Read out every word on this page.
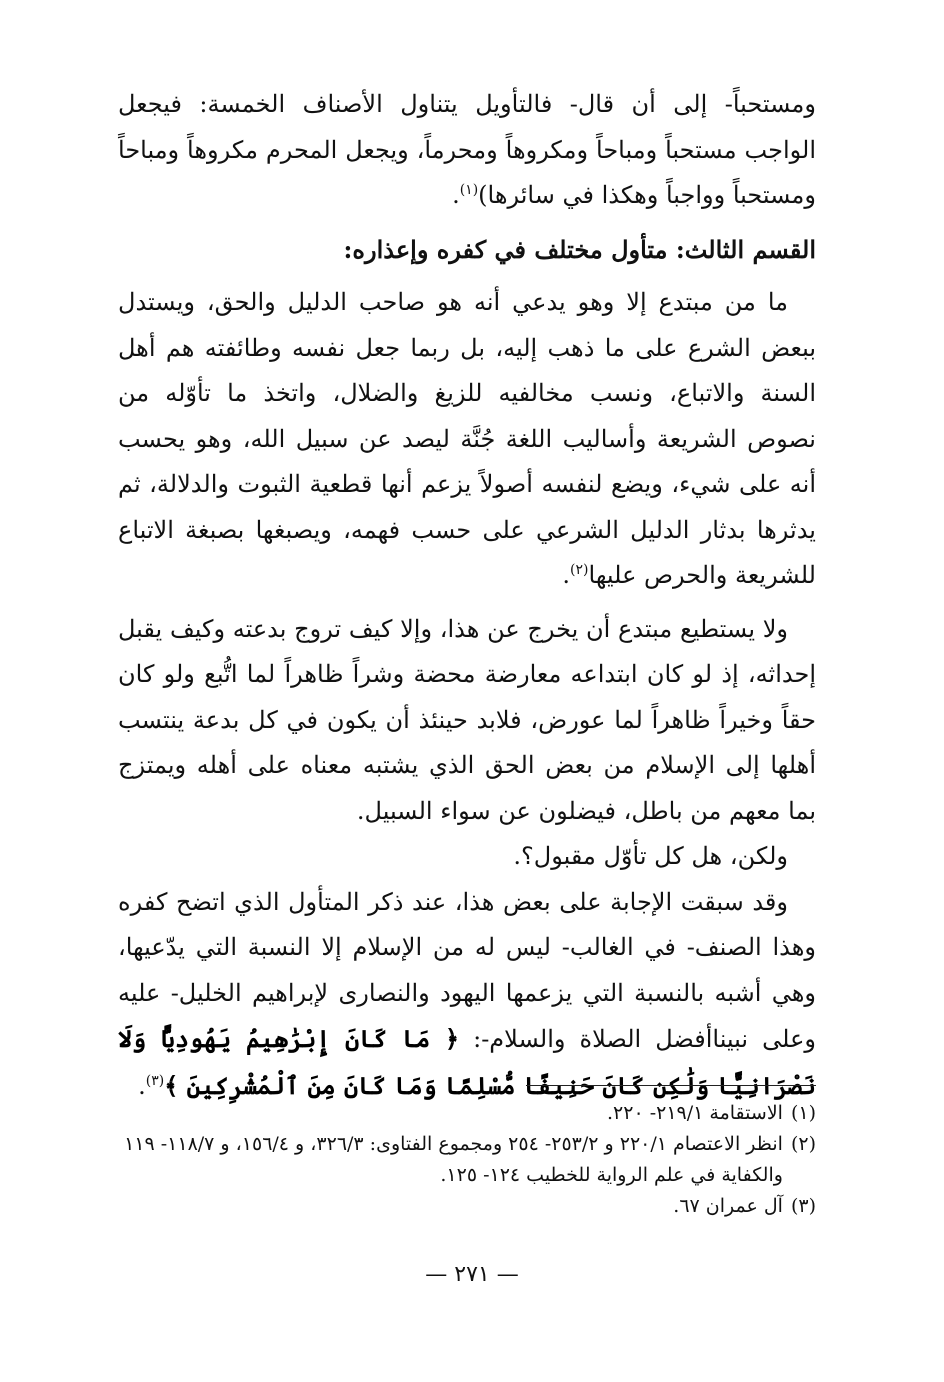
ومستحباً- إلى أن قال- فالتأويل يتناول الأصناف الخمسة: فيجعل الواجب مستحباً ومباحاً ومكروهاً ومحرماً، ويجعل المحرم مكروهاً ومباحاً ومستحباً وواجباً وهكذا في سائرها)$^{(١)}$.

القسم الثالث: متأول مختلف في كفره وإعذاره:

ما من مبتدع إلا وهو يدعي أنه هو صاحب الدليل والحق، ويستدل ببعض الشرع على ما ذهب إليه، بل ربما جعل نفسه وطائفته هم أهل السنة والاتباع، ونسب مخالفيه للزيغ والضلال، واتخذ ما تأوّله من نصوص الشريعة وأساليب اللغة جُنَّة ليصد عن سبيل الله، وهو يحسب أنه على شيء، ويضع لنفسه أصولاً يزعم أنها قطعية الثبوت والدلالة، ثم يدثرها بدثار الدليل الشرعي على حسب فهمه، ويصبغها بصبغة الاتباع للشريعة والحرص عليها$^{(٢)}$.

ولا يستطيع مبتدع أن يخرج عن هذا، وإلا كيف تروج بدعته وكيف يقبل إحداثه، إذ لو كان ابتداعه معارضة محضة وشراً ظاهراً لما اتُّبع ولو كان حقاً وخيراً ظاهراً لما عورض، فلابد حينئذ أن يكون في كل بدعة ينتسب أهلها إلى الإسلام من بعض الحق الذي يشتبه معناه على أهله ويمتزج بما معهم من باطل، فيضلون عن سواء السبيل.

ولكن، هل كل تأوّل مقبول؟.

وقد سبقت الإجابة على بعض هذا، عند ذكر المتأول الذي اتضح كفره وهذا الصنف- في الغالب- ليس له من الإسلام إلا النسبة التي يدّعيها، وهي أشبه بالنسبة التي يزعمها اليهود والنصارى لإبراهيم الخليل- عليه وعلى نبيناأفضل الصلاة والسلام-: ﴿ مَا كَانَ إِبْرَٰهِيمُ يَهُودِيًّا وَلَا نَصْرَانِيًّا وَلَٰكِن كَانَ حَنِيفًا مُّسْلِمًا وَمَا كَانَ مِنَ ٱلْمُشْرِكِينَ ﴾$^{(٣)}$.

(١)
الاستقامة ٢١٩/١- ٢٢٠.

(٢)
انظر الاعتصام ٢٢٠/١ و ٢٥٣/٢- ٢٥٤ ومجموع الفتاوى: ٣٢٦/٣، و ١٥٦/٤، و ١١٨/٧- ١١٩ والكفاية في علم الرواية للخطيب ١٢٤- ١٢٥.

(٣)
آل عمران ٦٧.

— ٢٧١ —
